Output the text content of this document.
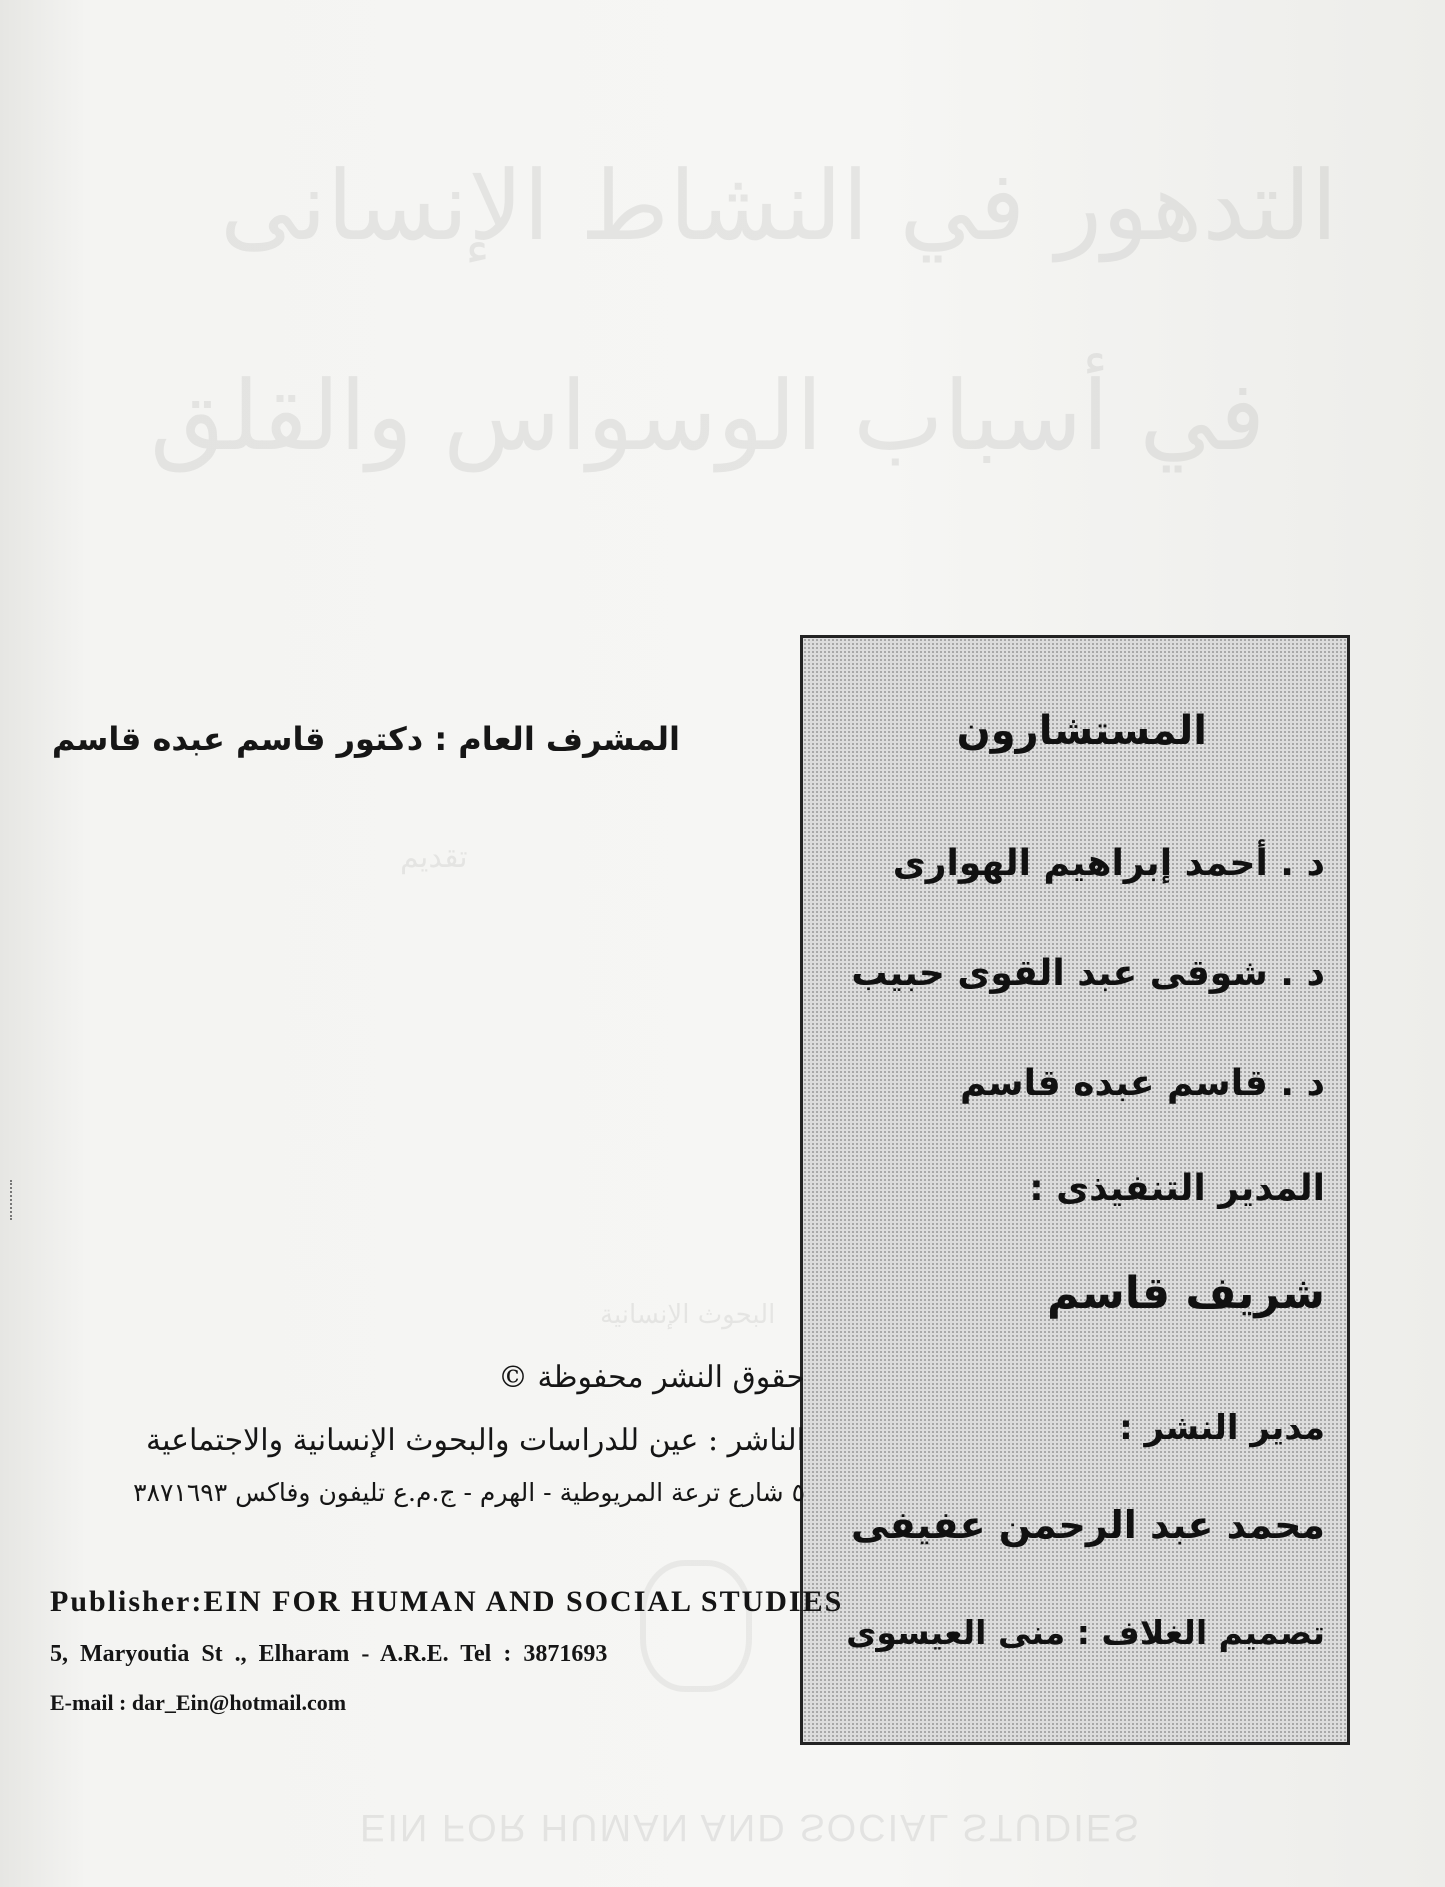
التدهور في النشاط الإنسانى
في أسباب الوسواس والقلق
تقديم
البحوث الإنسانية
EIN FOR HUMAN AND SOCIAL STUDIES
المستشارون
د . أحمد إبراهيم الهوارى
د . شوقى عبد القوى حبيب
د . قاسم عبده قاسم
المدير التنفيذى :
شريف قاسم
مدير النشر :
محمد عبد الرحمن عفيفى
تصميم الغلاف : منى العيسوى
المشرف العام : دكتور قاسم عبده قاسم
حقوق النشر محفوظة ©
الناشر : عين للدراسات والبحوث الإنسانية والاجتماعية
٥ شارع ترعة المريوطية - الهرم - ج.م.ع تليفون وفاكس ٣٨٧١٦٩٣
Publisher:EIN FOR HUMAN AND SOCIAL STUDIES
5, Maryoutia St ., Elharam - A.R.E. Tel : 3871693
E-mail : dar_Ein@hotmail.com
